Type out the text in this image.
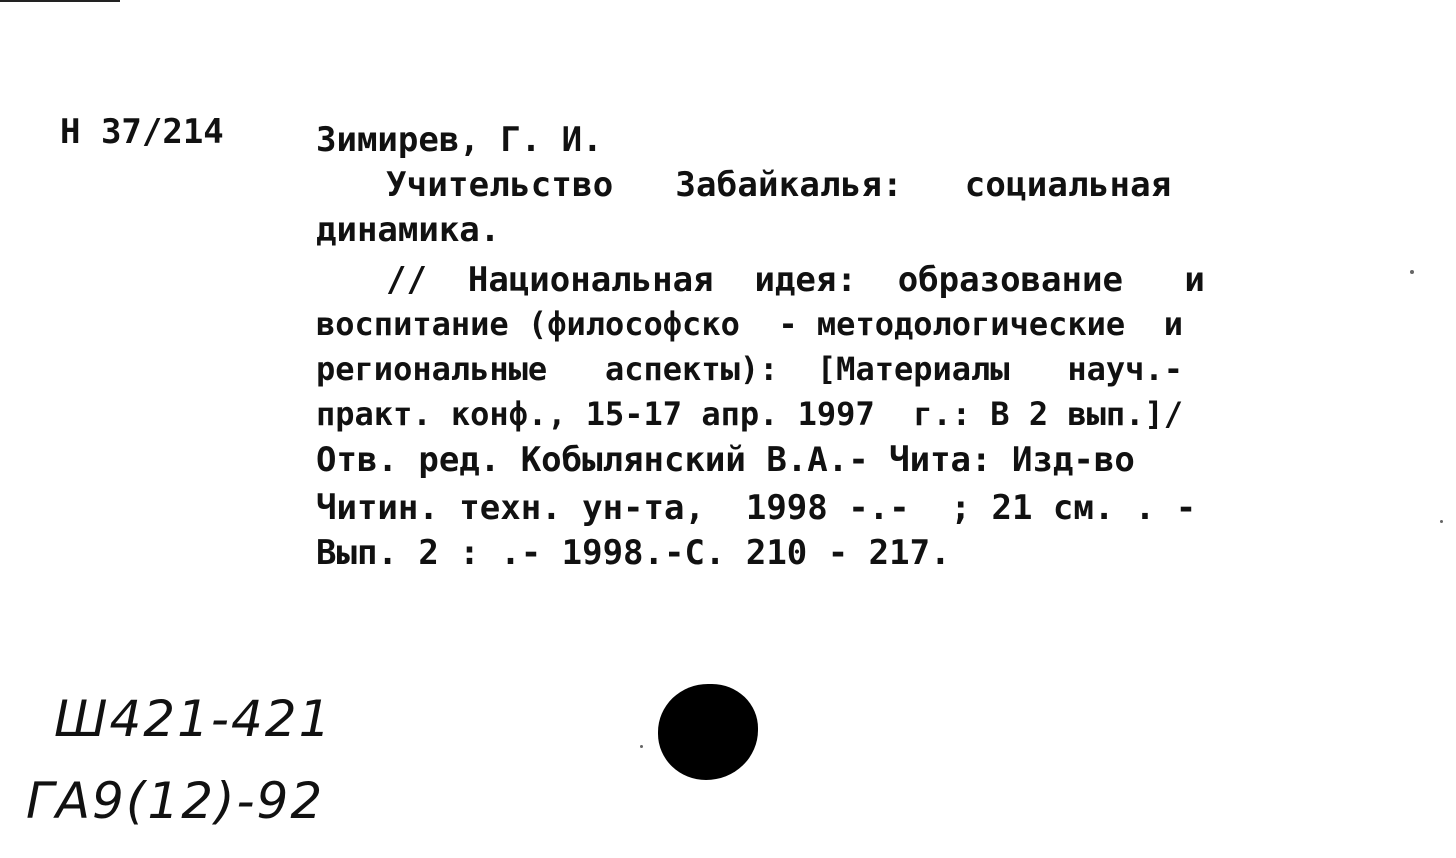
Н 37/214	Зимирев, Г. И.
Учительство   Забайкалья:   социальная
динамика.
//  Национальная  идея:  образование   и
воспитание (философско  - методологические  и
региональные   аспекты):  [Материалы   науч.-
практ. конф., 15-17 апр. 1997  г.: В 2 вып.]/
Отв. ред. Кобылянский В.А.- Чита: Изд-во
Читин. техн. ун-та,  1998 -.-  ; 21 см. . -
Вып. 2 : .- 1998.-С. 210 - 217.
Ш421-421
ГА9(12)-92
